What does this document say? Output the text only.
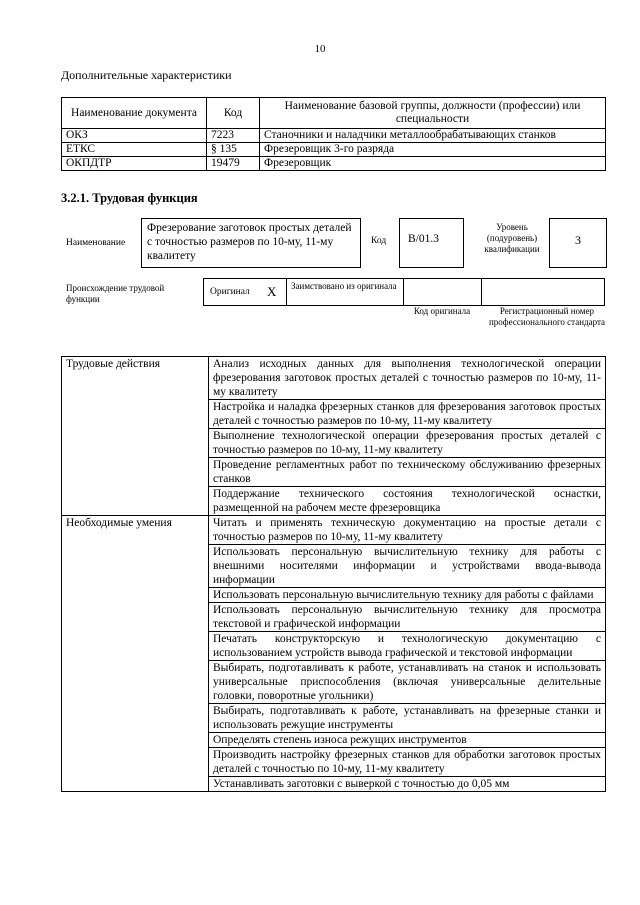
10
Дополнительные характеристики
Наименование документа	Код	Наименование базовой группы, должности (профессии) или специальности
ОКЗ	7223	Станочники и наладчики металлообрабатывающих станков
ЕТКС	§ 135	Фрезеровщик 3-го разряда
ОКПДТР	19479	Фрезеровщик
3.2.1. Трудовая функция
Наименование
Фрезерование заготовок простых деталей с точностью размеров по 10-му, 11-му квалитету
Код	В/01.3
Уровень (подуровень) квалификации
3
Происхождение трудовой функции
Оригинал X Заимствовано из оригинала
Код оригинала	Регистрационный номер профессионального стандарта
Трудовые действия	Анализ исходных данных для выполнения технологической операции фрезерования заготовок простых деталей с точностью размеров по 10-му, 11-му квалитету
	Настройка и наладка фрезерных станков для фрезерования заготовок простых деталей с точностью размеров по 10-му, 11-му квалитету
	Выполнение технологической операции фрезерования простых деталей с точностью размеров по 10-му, 11-му квалитету
	Проведение регламентных работ по техническому обслуживанию фрезерных станков
	Поддержание технического состояния технологической оснастки, размещенной на рабочем месте фрезеровщика
Необходимые умения	Читать и применять техническую документацию на простые детали с точностью размеров по 10-му, 11-му квалитету
	Использовать персональную вычислительную технику для работы с внешними носителями информации и устройствами ввода-вывода информации
	Использовать персональную вычислительную технику для работы с файлами
	Использовать персональную вычислительную технику для просмотра текстовой и графической информации
	Печатать конструкторскую и технологическую документацию с использованием устройств вывода графической и текстовой информации
	Выбирать, подготавливать к работе, устанавливать на станок и использовать универсальные приспособления (включая универсальные делительные головки, поворотные угольники)
	Выбирать, подготавливать к работе, устанавливать на фрезерные станки и использовать режущие инструменты
	Определять степень износа режущих инструментов
	Производить настройку фрезерных станков для обработки заготовок простых деталей с точностью по 10-му, 11-му квалитету
	Устанавливать заготовки с выверкой с точностью до 0,05 мм
